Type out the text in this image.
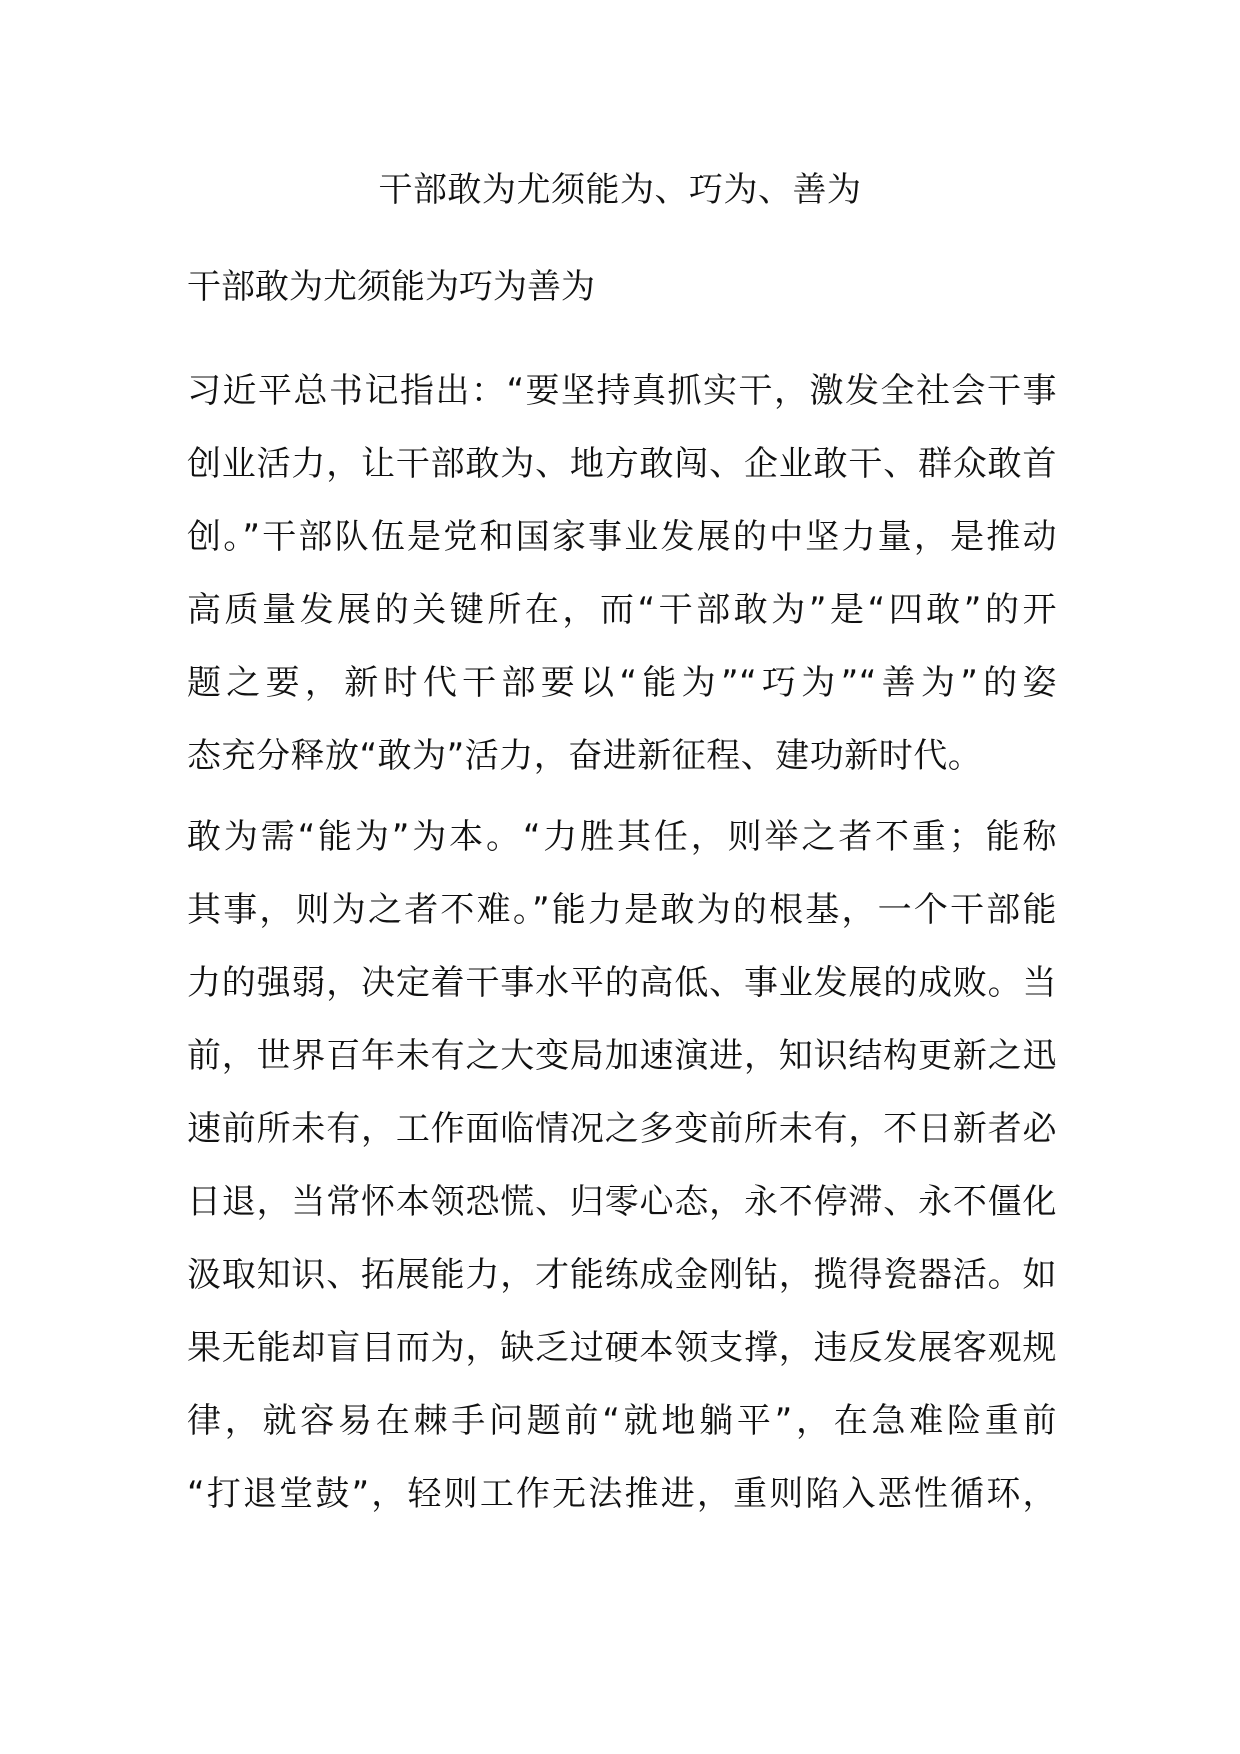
干部敢为尤须能为、巧为、善为
干部敢为尤须能为巧为善为
习近平总书记指出：“要坚持真抓实干，激发全社会干事
创业活力，让干部敢为、地方敢闯、企业敢干、群众敢首
创。”干部队伍是党和国家事业发展的中坚力量，是推动
高质量发展的关键所在，而“干部敢为”是“四敢”的开
题之要，新时代干部要以“能为”“巧为”“善为”的姿
态充分释放“敢为”活力，奋进新征程、建功新时代。
敢为需“能为”为本。“力胜其任，则举之者不重；能称
其事，则为之者不难。”能力是敢为的根基，一个干部能
力的强弱，决定着干事水平的高低、事业发展的成败。当
前，世界百年未有之大变局加速演进，知识结构更新之迅
速前所未有，工作面临情况之多变前所未有，不日新者必
日退，当常怀本领恐慌、归零心态，永不停滞、永不僵化
汲取知识、拓展能力，才能练成金刚钻，揽得瓷器活。如
果无能却盲目而为，缺乏过硬本领支撑，违反发展客观规
律，就容易在棘手问题前“就地躺平”，在急难险重前
“打退堂鼓”，轻则工作无法推进，重则陷入恶性循环，
